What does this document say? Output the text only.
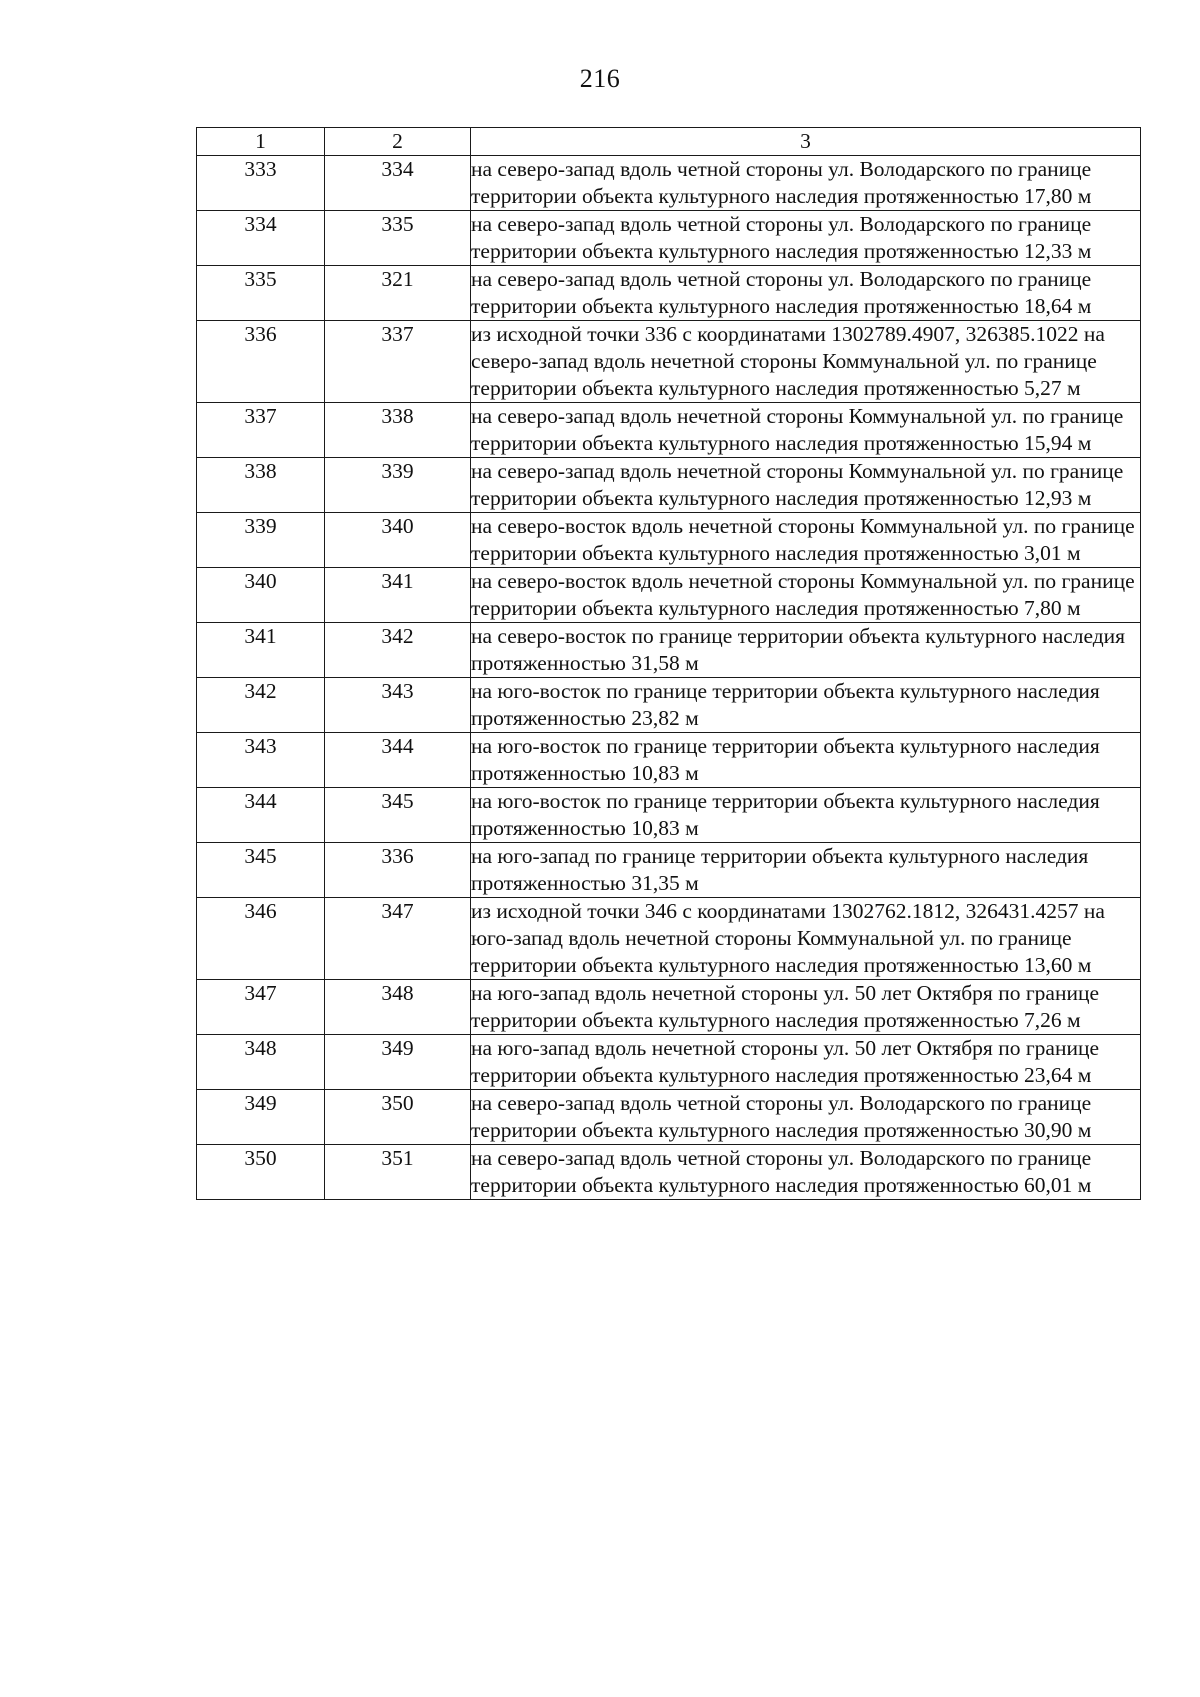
216
1	2	3
333	334	на северо-запад вдоль четной стороны ул. Володарского по границе территории объекта культурного наследия протяженностью 17,80 м
334	335	на северо-запад вдоль четной стороны ул. Володарского по границе территории объекта культурного наследия протяженностью 12,33 м
335	321	на северо-запад вдоль четной стороны ул. Володарского по границе территории объекта культурного наследия протяженностью 18,64 м
336	337	из исходной точки 336 с координатами 1302789.4907, 326385.1022 на северо-запад вдоль нечетной стороны Коммунальной ул. по границе территории объекта культурного наследия протяженностью 5,27 м
337	338	на северо-запад вдоль нечетной стороны Коммунальной ул. по границе территории объекта культурного наследия протяженностью 15,94 м
338	339	на северо-запад вдоль нечетной стороны Коммунальной ул. по границе территории объекта культурного наследия протяженностью 12,93 м
339	340	на северо-восток вдоль нечетной стороны Коммунальной ул. по границе территории объекта культурного наследия протяженностью 3,01 м
340	341	на северо-восток вдоль нечетной стороны Коммунальной ул. по границе территории объекта культурного наследия протяженностью 7,80 м
341	342	на северо-восток по границе территории объекта культурного наследия протяженностью 31,58 м
342	343	на юго-восток по границе территории объекта культурного наследия протяженностью 23,82 м
343	344	на юго-восток по границе территории объекта культурного наследия протяженностью 10,83 м
344	345	на юго-восток по границе территории объекта культурного наследия протяженностью 10,83 м
345	336	на юго-запад по границе территории объекта культурного наследия протяженностью 31,35 м
346	347	из исходной точки 346 с координатами 1302762.1812, 326431.4257 на юго-запад вдоль нечетной стороны Коммунальной ул. по границе территории объекта культурного наследия протяженностью 13,60 м
347	348	на юго-запад вдоль нечетной стороны ул. 50 лет Октября по границе территории объекта культурного наследия протяженностью 7,26 м
348	349	на юго-запад вдоль нечетной стороны ул. 50 лет Октября по границе территории объекта культурного наследия протяженностью 23,64 м
349	350	на северо-запад вдоль четной стороны ул. Володарского по границе территории объекта культурного наследия протяженностью 30,90 м
350	351	на северо-запад вдоль четной стороны ул. Володарского по границе территории объекта культурного наследия протяженностью 60,01 м
